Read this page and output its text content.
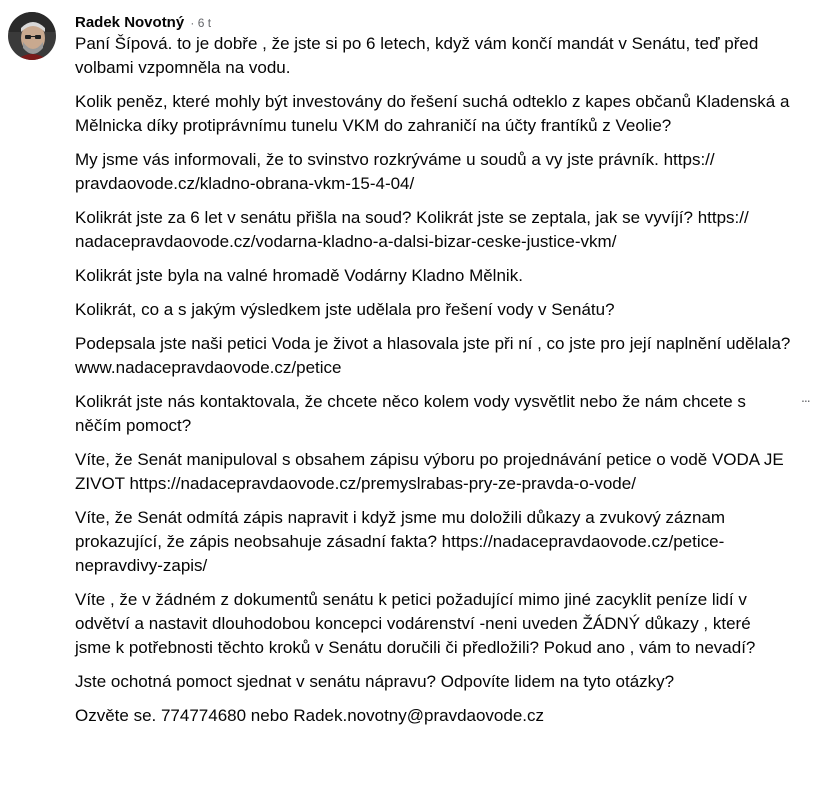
Radek Novotný · 6 t

Paní Šípová. to je dobře , že jste si po 6 letech, když vám končí mandát v Senátu, teď před volbami vzpomněla na vodu.

Kolik peněz, které mohly být investovány do řešení suchá odteklo z kapes občanů Kladenská a Mělnicka díky protiprávnímu tunelu VKM do zahraničí na účty frantíků z Veolie?

My jsme vás informovali, že to svinstvo rozkrýváme u soudů a vy jste právník. https:// pravdaovode.cz/kladno-obrana-vkm-15-4-04/

Kolikrát jste za 6 let v senátu přišla na soud? Kolikrát jste se zeptala, jak se vyvíjí? https:// nadacepravdaovode.cz/vodarna-kladno-a-dalsi-bizar-ceske-justice-vkm/

Kolikrát jste byla na valné hromadě Vodárny Kladno Mělnik.

Kolikrát, co a s jakým výsledkem jste udělala pro řešení vody v Senátu?

Podepsala jste naši petici Voda je život a hlasovala jste při ní , co jste pro její naplnění udělala? www.nadacepravdaovode.cz/petice

Kolikrát jste nás kontaktovala, že chcete něco kolem vody vysvětlit nebo že nám chcete s něčím pomoct?

Víte, že Senát manipuloval s obsahem zápisu výboru po projednávání petice o vodě VODA JE ZIVOT https://nadacepravdaovode.cz/premyslrabas-pry-ze-pravda-o-vode/

Víte, že Senát odmítá zápis napravit i když jsme mu doložili důkazy a zvukový záznam prokazující, že zápis neobsahuje zásadní fakta? https://nadacepravdaovode.cz/petice-nepravdivy-zapis/

Víte , že v žádném z dokumentů senátu k petici požadující mimo jiné zacyklit peníze lidí v odvětví a nastavit dlouhodobou koncepci vodárenství -neni uveden ŽÁDNÝ důkazy , které jsme k potřebnosti těchto kroků v Senátu doručili či předložili? Pokud ano , vám to nevadí?

Jste ochotná pomoct sjednat v senátu nápravu? Odpovíte lidem na tyto otázky?

Ozvěte se. 774774680 nebo Radek.novotny@pravdaovode.cz

...
